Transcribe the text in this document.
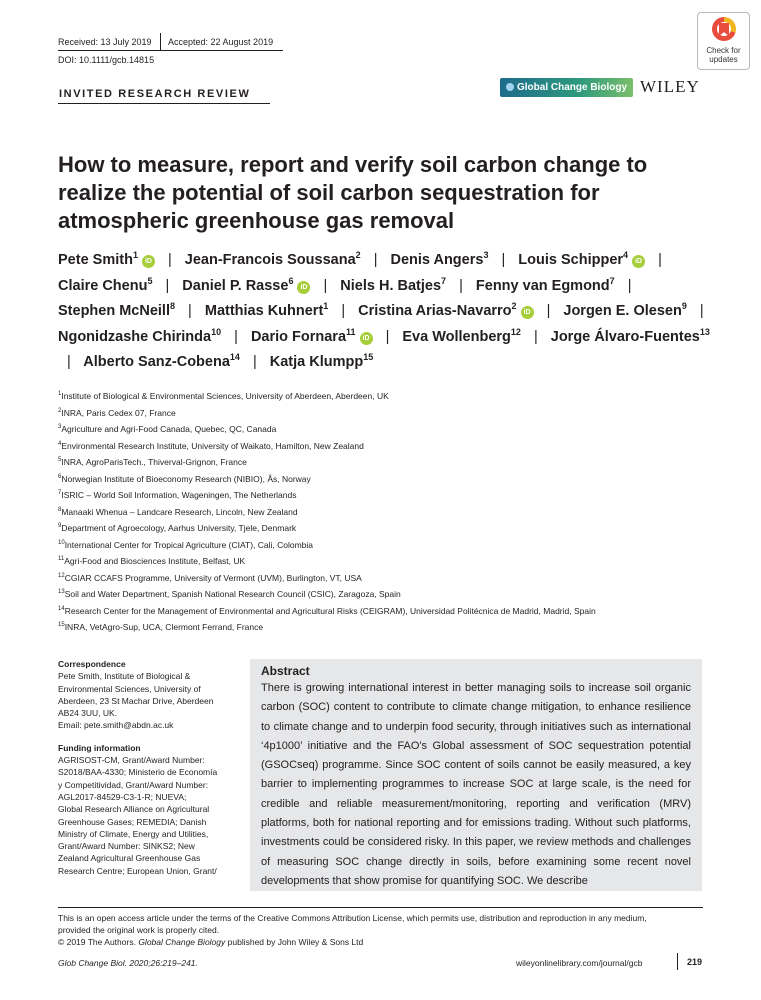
Received: 13 July 2019 Accepted: 22 August 2019
DOI: 10.1111/gcb.14815
Check for
updates
INVITED RESEARCH REVIEW
Global Change Biology WILEY
How to measure, report and verify soil carbon change to realize the potential of soil carbon sequestration for atmospheric greenhouse gas removal
Pete Smith$^1$iD | Jean-Francois Soussana$^2$ | Denis Angers$^3$ | Louis Schipper$^4$iD | Claire Chenu$^5$ | Daniel P. Rasse$^6$iD | Niels H. Batjes$^7$ | Fenny van Egmond$^7$ | Stephen McNeill$^8$ | Matthias Kuhnert$^1$ | Cristina Arias-Navarro$^2$iD | Jorgen E. Olesen$^9$ | Ngonidzashe Chirinda$^{10}$ | Dario Fornara$^{11}$iD | Eva Wollenberg$^{12}$ | Jorge Álvaro-Fuentes$^{13}$ | Alberto Sanz-Cobena$^{14}$ | Katja Klumpp$^{15}$
$^1$Institute of Biological & Environmental Sciences, University of Aberdeen, Aberdeen, UK
$^2$INRA, Paris Cedex 07, France
$^3$Agriculture and Agri-Food Canada, Quebec, QC, Canada
$^4$Environmental Research Institute, University of Waikato, Hamilton, New Zealand
$^5$INRA, AgroParisTech., Thiverval-Grignon, France
$^6$Norwegian Institute of Bioeconomy Research (NIBIO), Ås, Norway
$^7$ISRIC – World Soil Information, Wageningen, The Netherlands
$^8$Manaaki Whenua – Landcare Research, Lincoln, New Zealand
$^9$Department of Agroecology, Aarhus University, Tjele, Denmark
$^{10}$International Center for Tropical Agriculture (CIAT), Cali, Colombia
$^{11}$Agri-Food and Biosciences Institute, Belfast, UK
$^{12}$CGIAR CCAFS Programme, University of Vermont (UVM), Burlington, VT, USA
$^{13}$Soil and Water Department, Spanish National Research Council (CSIC), Zaragoza, Spain
$^{14}$Research Center for the Management of Environmental and Agricultural Risks (CEIGRAM), Universidad Politécnica de Madrid, Madrid, Spain
$^{15}$INRA, VetAgro-Sup, UCA, Clermont Ferrand, France
Correspondence
Pete Smith, Institute of Biological &
Environmental Sciences, University of
Aberdeen, 23 St Machar Drive, Aberdeen
AB24 3UU, UK.
Email: pete.smith@abdn.ac.uk
Funding information
AGRISOST-CM, Grant/Award Number:
S2018/BAA-4330; Ministerio de Economía
y Competitividad, Grant/Award Number:
AGL2017-84529-C3-1-R; NUEVA;
Global Research Alliance on Agricultural
Greenhouse Gases; REMEDIA; Danish
Ministry of Climate, Energy and Utilities,
Grant/Award Number: SINKS2; New
Zealand Agricultural Greenhouse Gas
Research Centre; European Union, Grant/
Abstract

There is growing international interest in better managing soils to increase soil organic carbon (SOC) content to contribute to climate change mitigation, to enhance resilience to climate change and to underpin food security, through initiatives such as international ‘4p1000’ initiative and the FAO's Global assessment of SOC sequestration potential (GSOCseq) programme. Since SOC content of soils cannot be easily measured, a key barrier to implementing programmes to increase SOC at large scale, is the need for credible and reliable measurement/monitoring, reporting and verification (MRV) platforms, both for national reporting and for emissions trading. Without such platforms, investments could be considered risky. In this paper, we review methods and challenges of measuring SOC change directly in soils, before examining some recent novel developments that show promise for quantifying SOC. We describe

This is an open access article under the terms of the Creative Commons Attribution License, which permits use, distribution and reproduction in any medium,
provided the original work is properly cited.
© 2019 The Authors. Global Change Biology published by John Wiley & Sons Ltd
Glob Change Biol. 2020;26:219–241.	wileyonlinelibrary.com/journal/gcb	219
